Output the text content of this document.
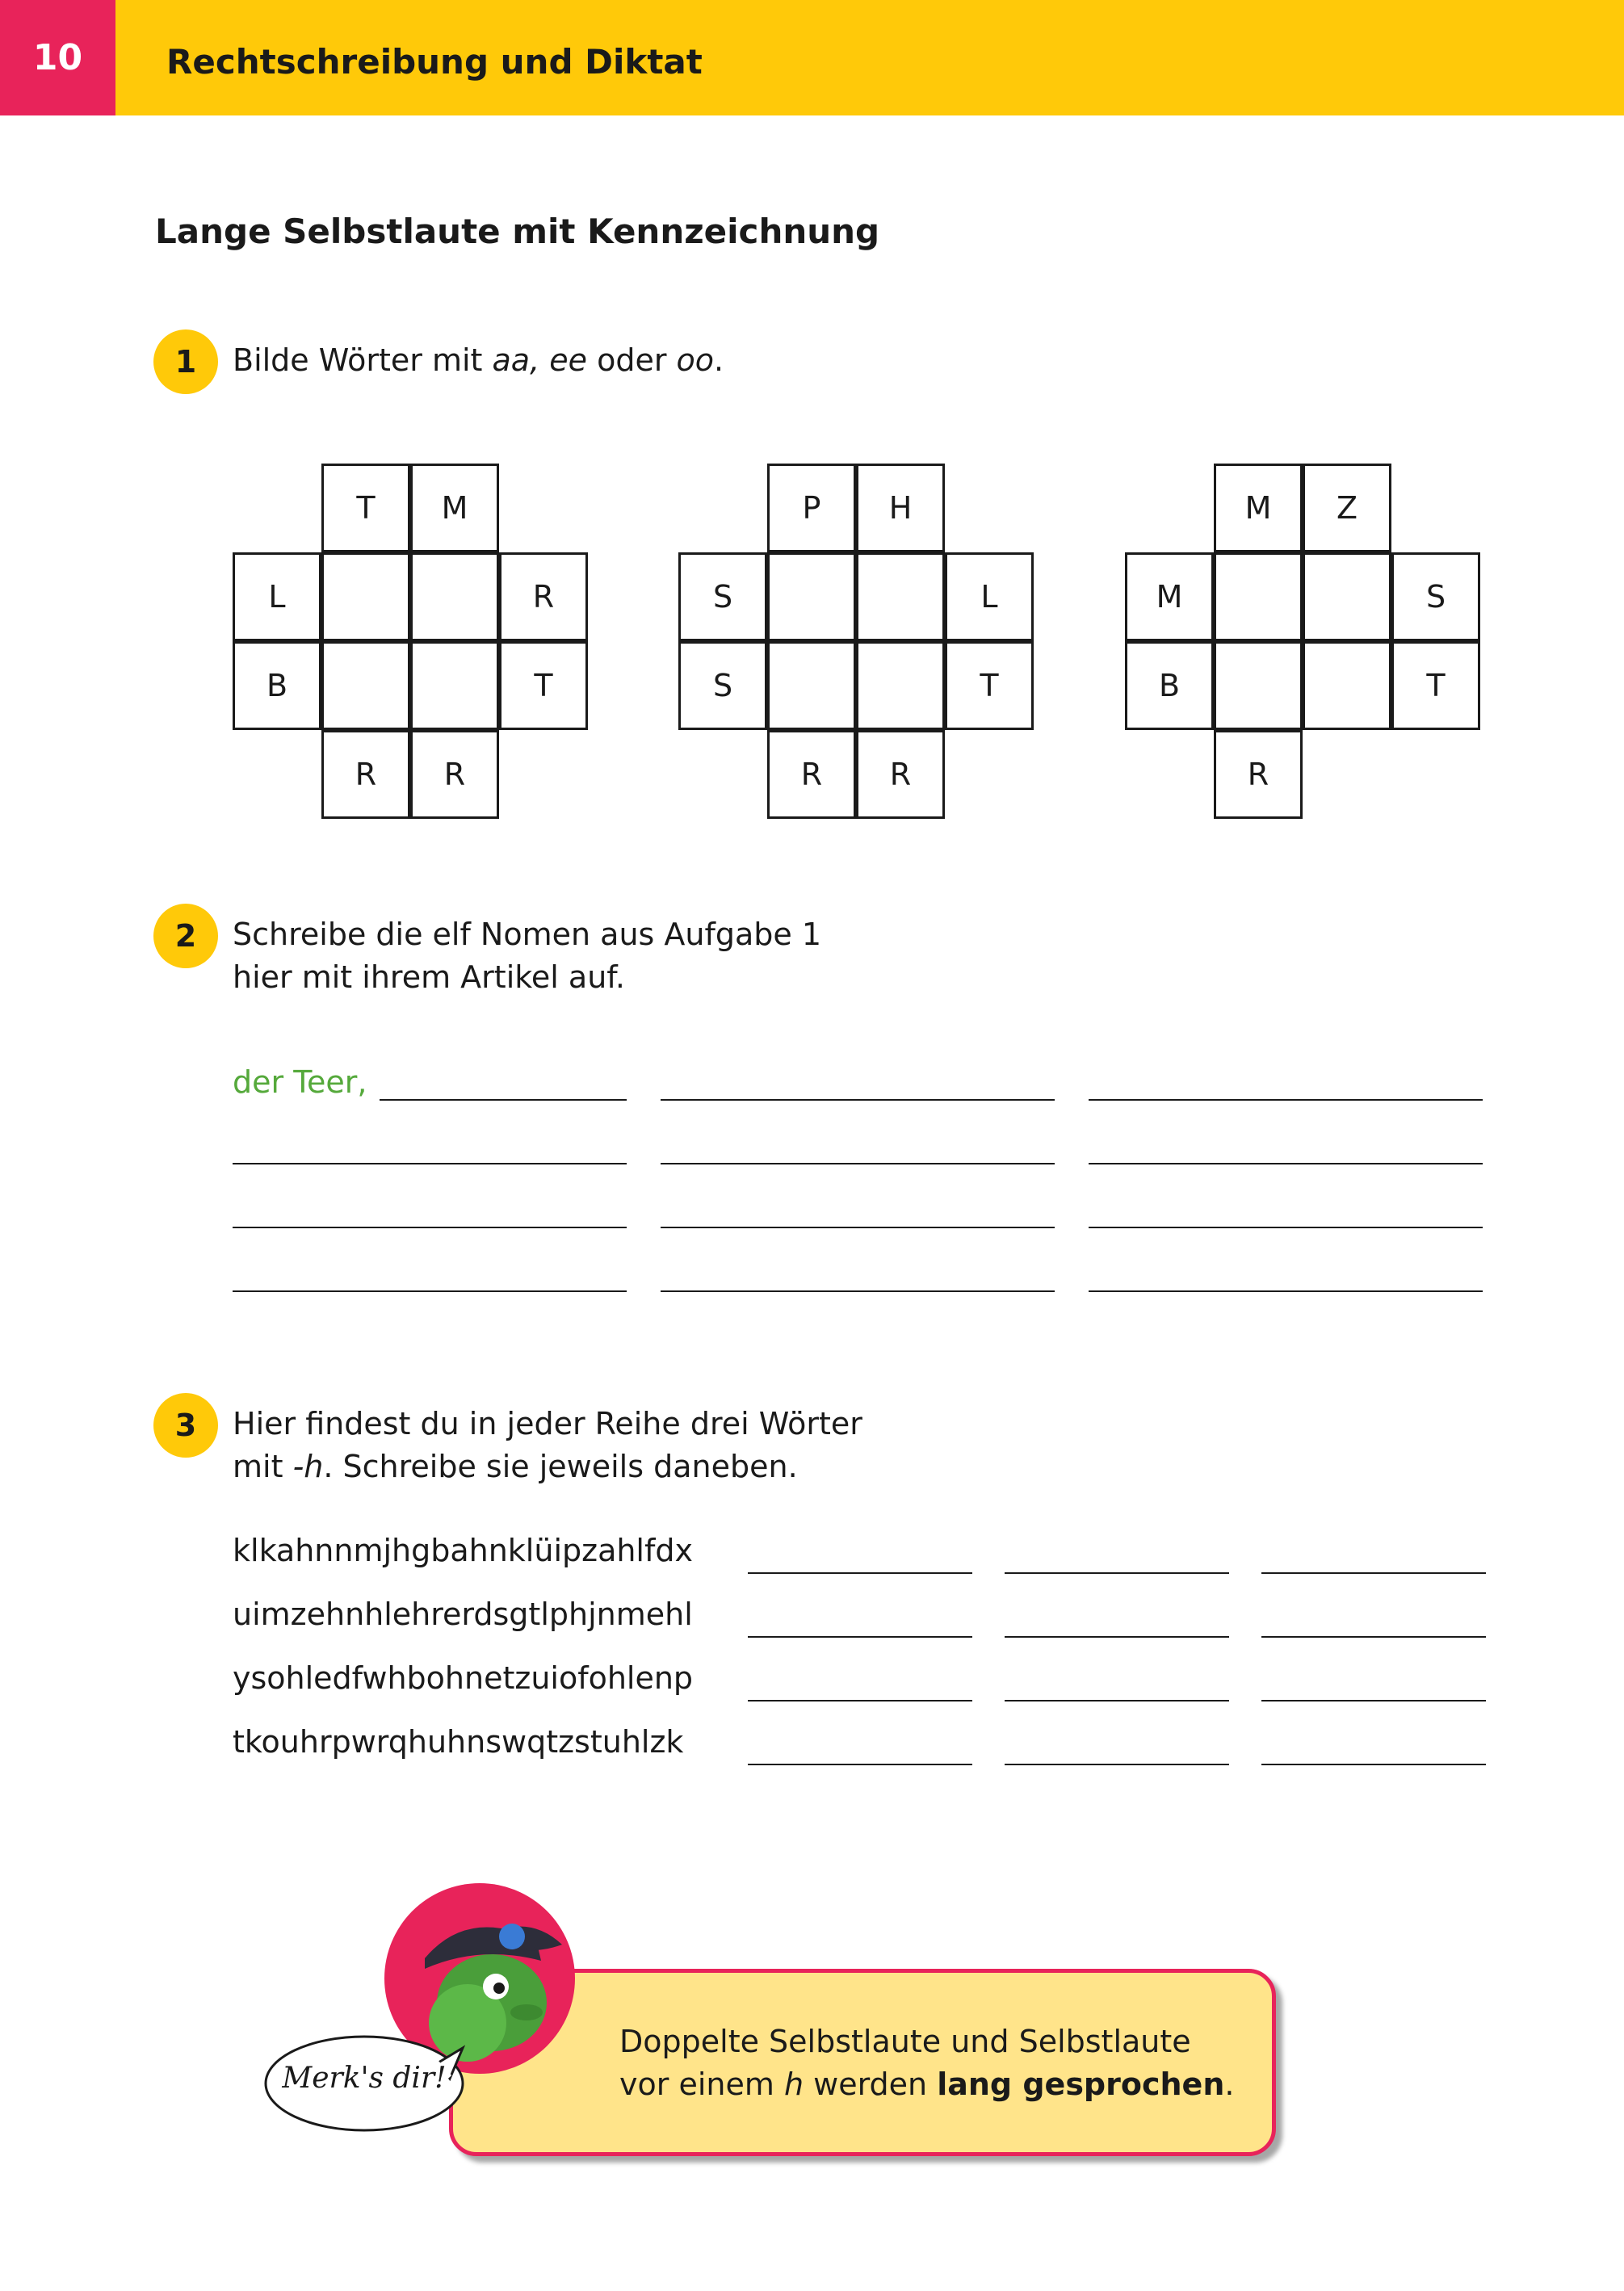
10	Rechtschreibung und Diktat
Lange Selbstlaute mit Kennzeichnung
1	Bilde Wörter mit aa, ee oder oo.
T	M
L	R
B	T
R	R
P	H
S	L
S	T
R	R
M	Z
M	S
B	T
R
2	Schreibe die elf Nomen aus Aufgabe 1
hier mit ihrem Artikel auf.
der Teer,
3	Hier findest du in jeder Reihe drei Wörter
mit -h. Schreibe sie jeweils daneben.
klkahnnmjhgbahnklüipzahlfdx
uimzehnhlehrerdsgtlphjnmehl
ysohledfwhbohnetzuiofohlenp
tkouhrpwrqhuhnswqtzstuhlzk
Merk's dir!
Doppelte Selbstlaute und Selbstlaute
vor einem h werden lang gesprochen.
